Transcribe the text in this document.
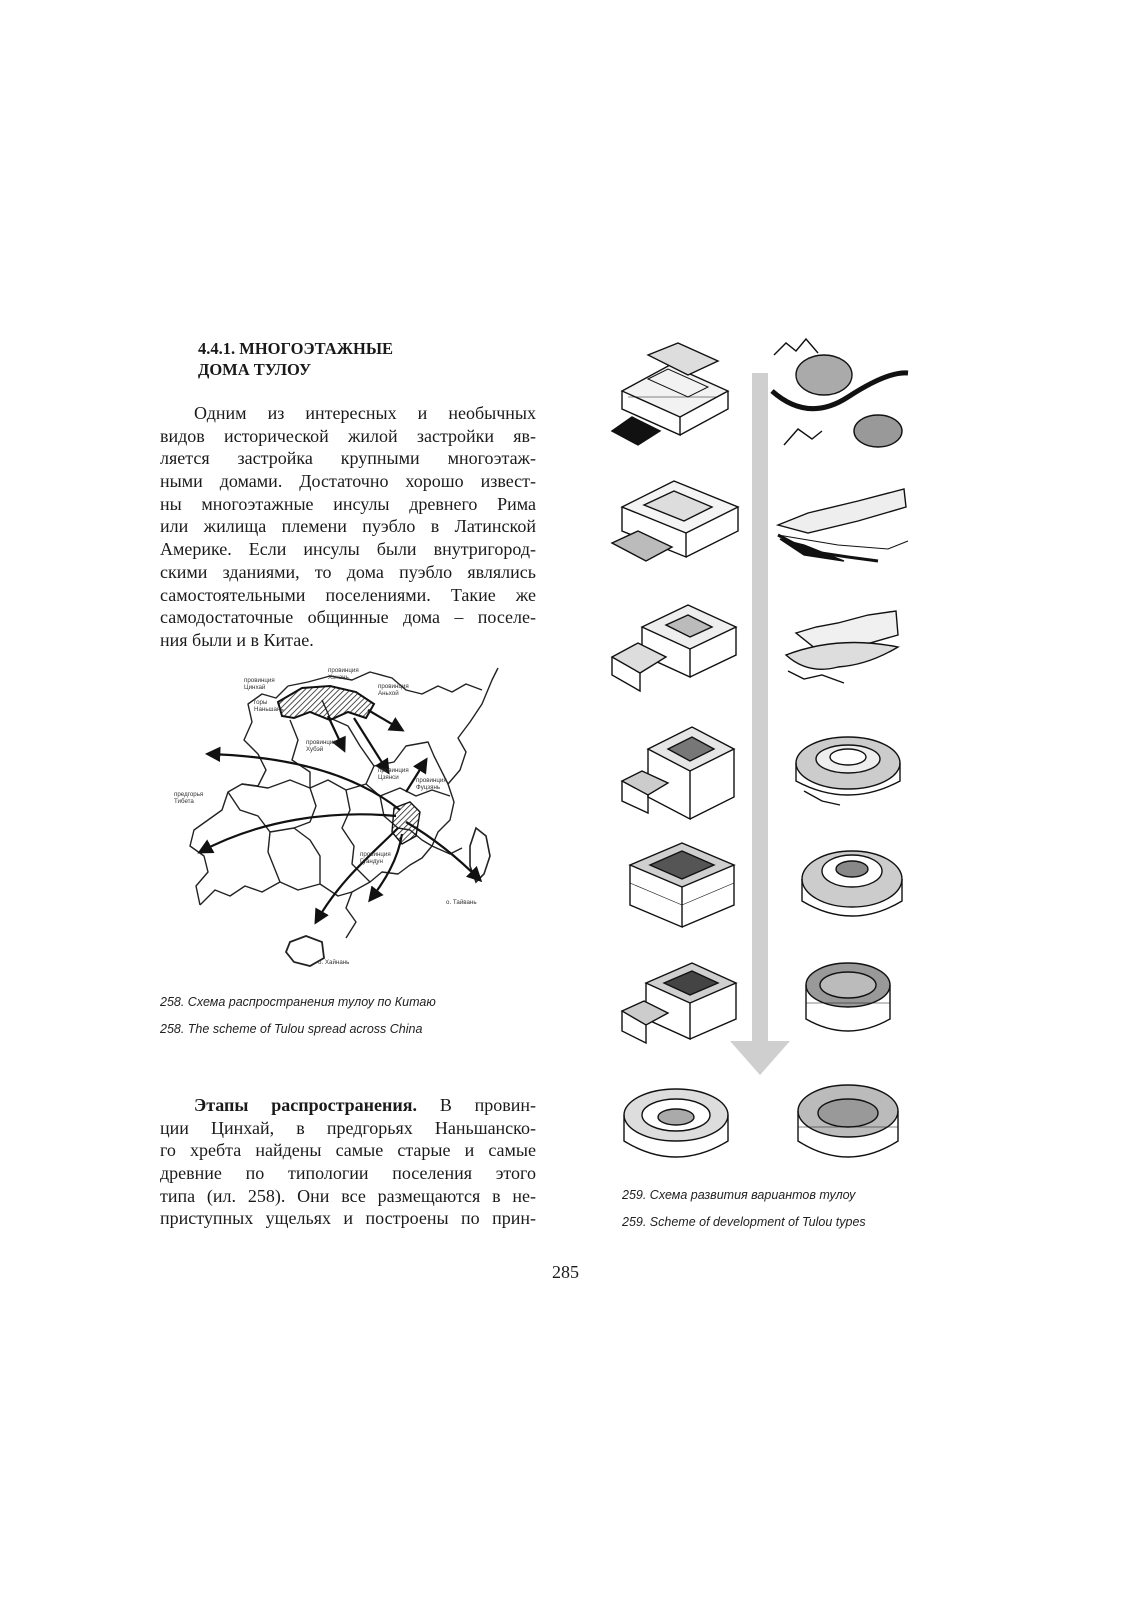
4.4.1. МНОГОЭТАЖНЫЕ
ДОМА ТУЛОУ
Одним из интересных и необычных
видов исторической жилой застройки яв-
ляется застройка крупными многоэтаж-
ными домами. Достаточно хорошо извест-
ны многоэтажные инсулы древнего Рима
или жилища племени пуэбло в Латинской
Америке. Если инсулы были внутригород-
скими зданиями, то дома пуэбло являлись
самостоятельными поселениями. Такие же
самодостаточные общинные дома – поселе-
ния были и в Китае.
горы Наньшань
провинция Цинхай
провинция Хэнань
провинция Аньхой
провинция Хубэй
провинция Цзянси	провинция Фуцзянь
предгорья Тибета
провинция Гуандун
о. Тайвань
о. Хайнань
258. Схема распространения тулоу по Китаю
258. The scheme of Tulou spread across China
Этапы распространения. В провин-
ции Цинхай, в предгорьях Наньшанско-
го хребта найдены самые старые и самые
древние по типологии поселения этого
типа (ил. 258). Они все размещаются в не-
приступных ущельях и построены по прин-
259. Схема развития вариантов тулоу
259. Scheme of development of Tulou types
285
